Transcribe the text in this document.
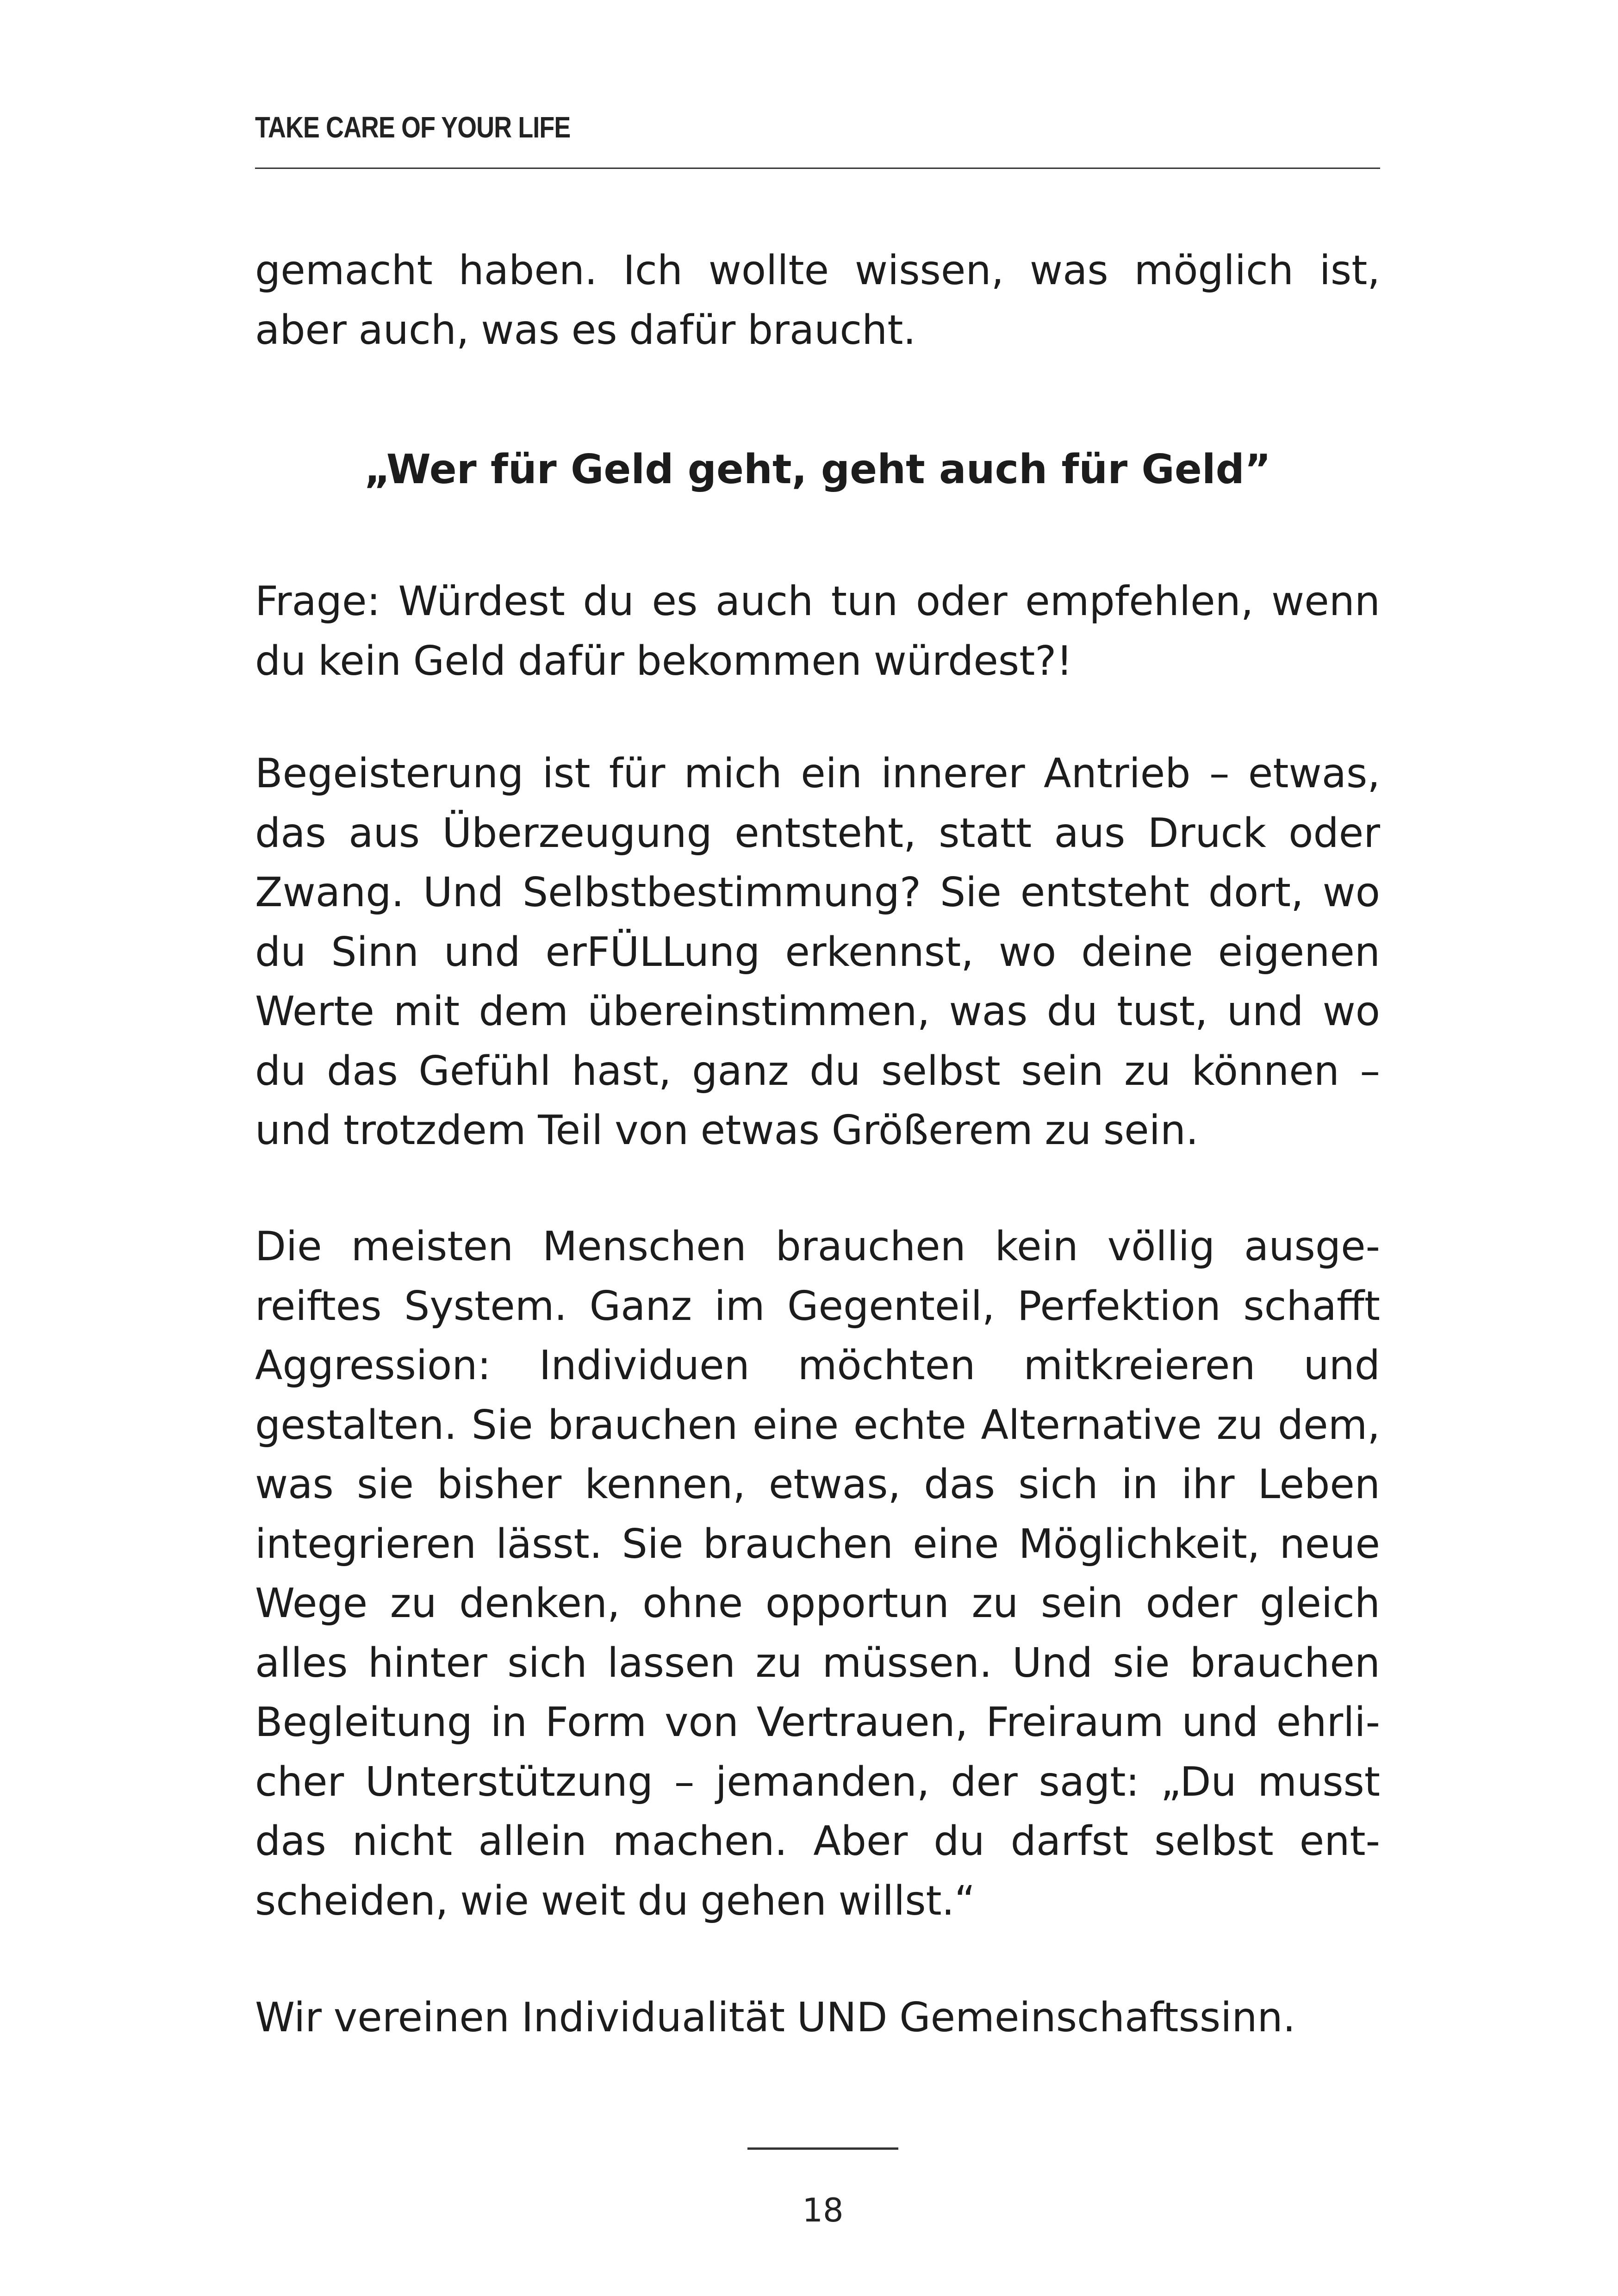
TAKE CARE OF YOUR LIFE

gemacht haben. Ich wollte wissen, was möglich ist, aber auch, was es dafür braucht.

„Wer für Geld geht, geht auch für Geld”

Frage: Würdest du es auch tun oder empfehlen, wenn du kein Geld dafür bekommen würdest?!

Begeisterung ist für mich ein innerer Antrieb – etwas, das aus Überzeugung entsteht, statt aus Druck oder Zwang. Und Selbstbestimmung? Sie entsteht dort, wo du Sinn und erFÜLLung erkennst, wo deine eigenen Werte mit dem übereinstimmen, was du tust, und wo du das Gefühl hast, ganz du selbst sein zu können – und trotzdem Teil von etwas Größerem zu sein.

Die meisten Menschen brauchen kein völlig ausgereiftes System. Ganz im Gegenteil, Perfektion schafft Aggression: Individuen möchten mitkreieren und gestalten. Sie brauchen eine echte Alternative zu dem, was sie bisher kennen, etwas, das sich in ihr Leben integrieren lässt. Sie brauchen eine Möglichkeit, neue Wege zu denken, ohne opportun zu sein oder gleich alles hinter sich lassen zu müssen. Und sie brauchen Begleitung in Form von Vertrauen, Freiraum und ehrlicher Unterstützung – jemanden, der sagt: „Du musst das nicht allein machen. Aber du darfst selbst entscheiden, wie weit du gehen willst.“

Wir vereinen Individualität UND Gemeinschaftssinn.

18
